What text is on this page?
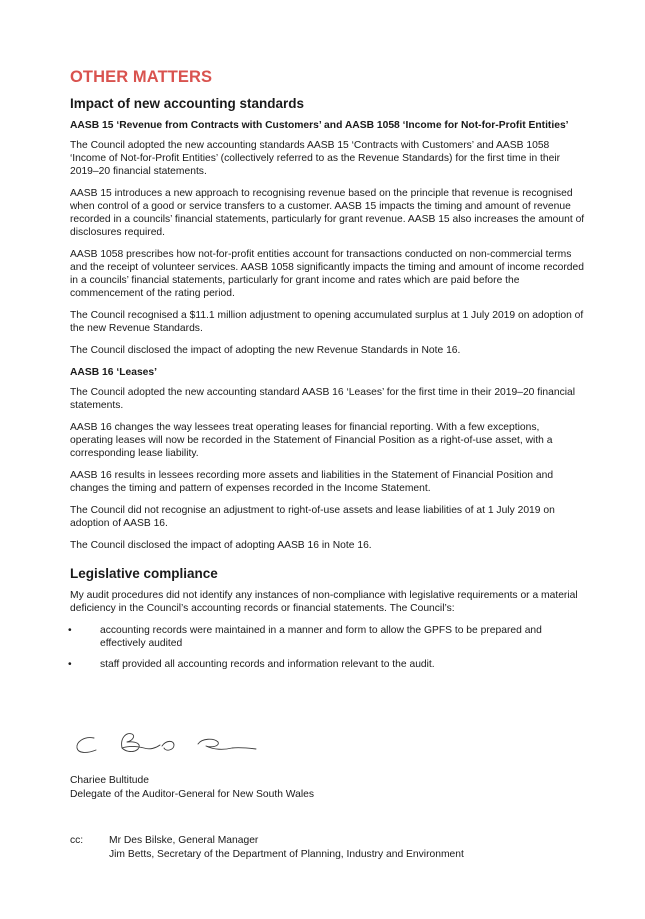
OTHER MATTERS
Impact of new accounting standards
AASB 15 ‘Revenue from Contracts with Customers’ and AASB 1058 ‘Income for Not-for-Profit Entities’

The Council adopted the new accounting standards AASB 15 ‘Contracts with Customers’ and AASB 1058 ‘Income of Not-for-Profit Entities’ (collectively referred to as the Revenue Standards) for the first time in their 2019–20 financial statements.

AASB 15 introduces a new approach to recognising revenue based on the principle that revenue is recognised when control of a good or service transfers to a customer. AASB 15 impacts the timing and amount of revenue recorded in a councils’ financial statements, particularly for grant revenue. AASB 15 also increases the amount of disclosures required.

AASB 1058 prescribes how not-for-profit entities account for transactions conducted on non-commercial terms and the receipt of volunteer services. AASB 1058 significantly impacts the timing and amount of income recorded in a councils’ financial statements, particularly for grant income and rates which are paid before the commencement of the rating period.

The Council recognised a $11.1 million adjustment to opening accumulated surplus at 1 July 2019 on adoption of the new Revenue Standards.

The Council disclosed the impact of adopting the new Revenue Standards in Note 16.

AASB 16 ‘Leases’

The Council adopted the new accounting standard AASB 16 ‘Leases’ for the first time in their 2019–20 financial statements.

AASB 16 changes the way lessees treat operating leases for financial reporting. With a few exceptions, operating leases will now be recorded in the Statement of Financial Position as a right-of-use asset, with a corresponding lease liability.

AASB 16 results in lessees recording more assets and liabilities in the Statement of Financial Position and changes the timing and pattern of expenses recorded in the Income Statement.

The Council did not recognise an adjustment to right-of-use assets and lease liabilities of at 1 July 2019 on adoption of AASB 16.

The Council disclosed the impact of adopting AASB 16 in Note 16.

Legislative compliance

My audit procedures did not identify any instances of non-compliance with legislative requirements or a material deficiency in the Council’s accounting records or financial statements. The Council’s:

•	accounting records were maintained in a manner and form to allow the GPFS to be prepared and effectively audited
•	staff provided all accounting records and information relevant to the audit.
Chariee Bultitude
Delegate of the Auditor-General for New South Wales
cc:	Mr Des Bilske, General Manager
Jim Betts, Secretary of the Department of Planning, Industry and Environment
